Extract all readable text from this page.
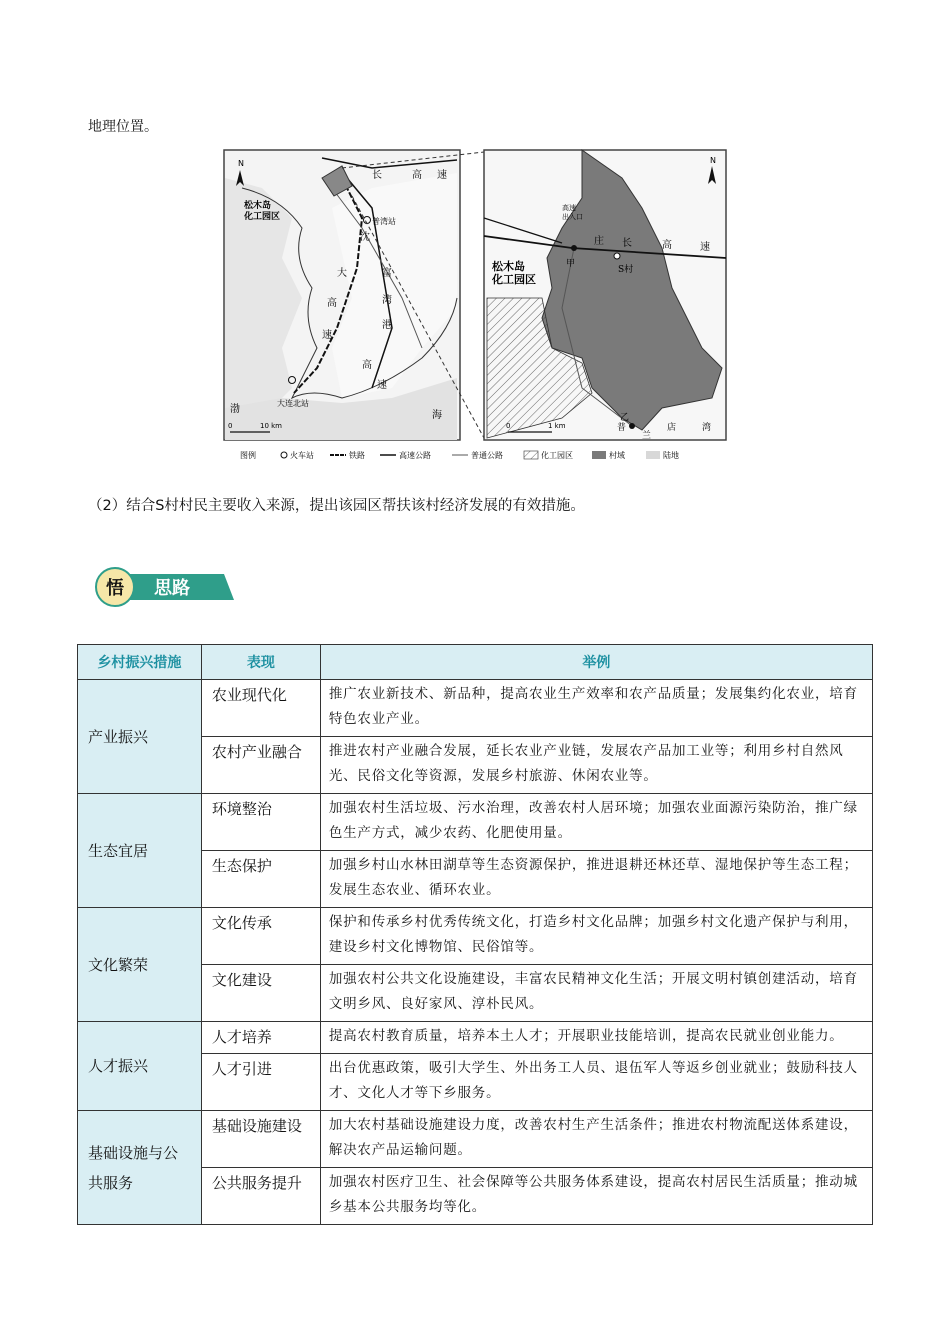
地理位置。
N
松木岛化工园区	普湾站
大连北站
沈
大
高
速
富
湾
港
高
速
长	高 速
渤
海
0	10 km
N
松木岛化工园区
甲
S村
乙
高速出入口
庄 长	高	速
普
兰
店	湾
0	1 km
图例	火车站	铁路	高速公路	普通公路	化工园区	村域	陆地
（2）结合S村村民主要收入来源，提出该园区帮扶该村经济发展的有效措施。
悟 思路
乡村振兴措施	表现	举例
产业振兴	农业现代化	推广农业新技术、新品种，提高农业生产效率和农产品质量；发展集约化农业，培育特色农业产业。
	农村产业融合	推进农村产业融合发展，延长农业产业链，发展农产品加工业等；利用乡村自然风光、民俗文化等资源，发展乡村旅游、休闲农业等。
生态宜居	环境整治	加强农村生活垃圾、污水治理，改善农村人居环境；加强农业面源污染防治，推广绿色生产方式，减少农药、化肥使用量。
	生态保护	加强乡村山水林田湖草等生态资源保护，推进退耕还林还草、湿地保护等生态工程；发展生态农业、循环农业。
文化繁荣	文化传承	保护和传承乡村优秀传统文化，打造乡村文化品牌；加强乡村文化遗产保护与利用，建设乡村文化博物馆、民俗馆等。
	文化建设	加强农村公共文化设施建设，丰富农民精神文化生活；开展文明村镇创建活动，培育文明乡风、良好家风、淳朴民风。
人才振兴	人才培养	提高农村教育质量，培养本土人才；开展职业技能培训，提高农民就业创业能力。
	人才引进	出台优惠政策，吸引大学生、外出务工人员、退伍军人等返乡创业就业；鼓励科技人才、文化人才等下乡服务。
基础设施与公共服务	基础设施建设	加大农村基础设施建设力度，改善农村生产生活条件；推进农村物流配送体系建设，解决农产品运输问题。
	公共服务提升	加强农村医疗卫生、社会保障等公共服务体系建设，提高农村居民生活质量；推动城乡基本公共服务均等化。
